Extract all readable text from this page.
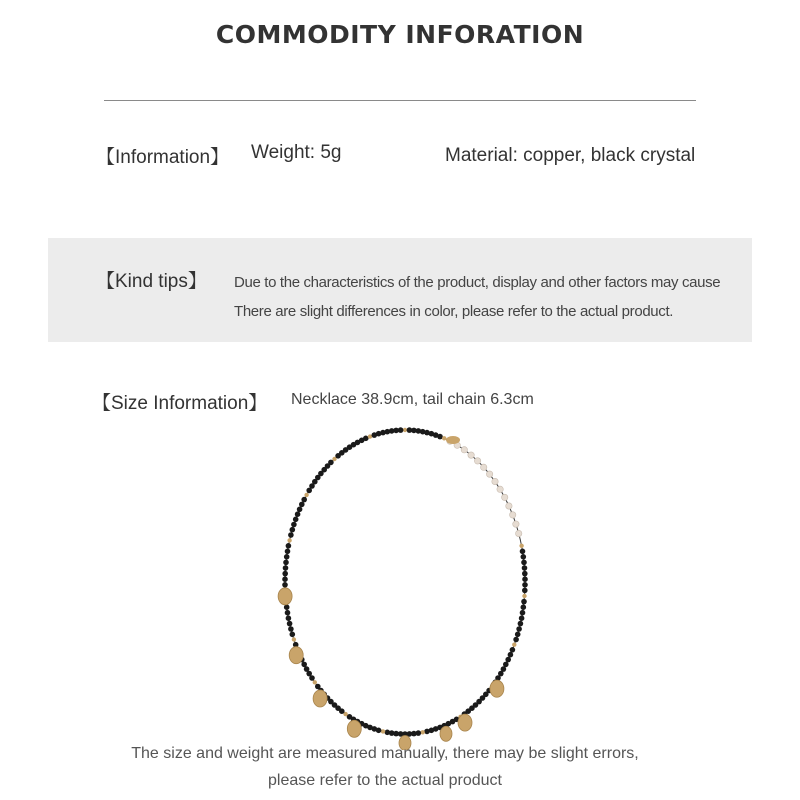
COMMODITY INFORATION
【Information】 Weight: 5g	Material: copper, black crystal
【Kind tips】 Due to the characteristics of the product, display and other factors may cause
There are slight differences in color, please refer to the actual product.
【Size Information】 Necklace 38.9cm, tail chain 6.3cm
The size and weight are measured manually, there may be slight errors,
please refer to the actual product
